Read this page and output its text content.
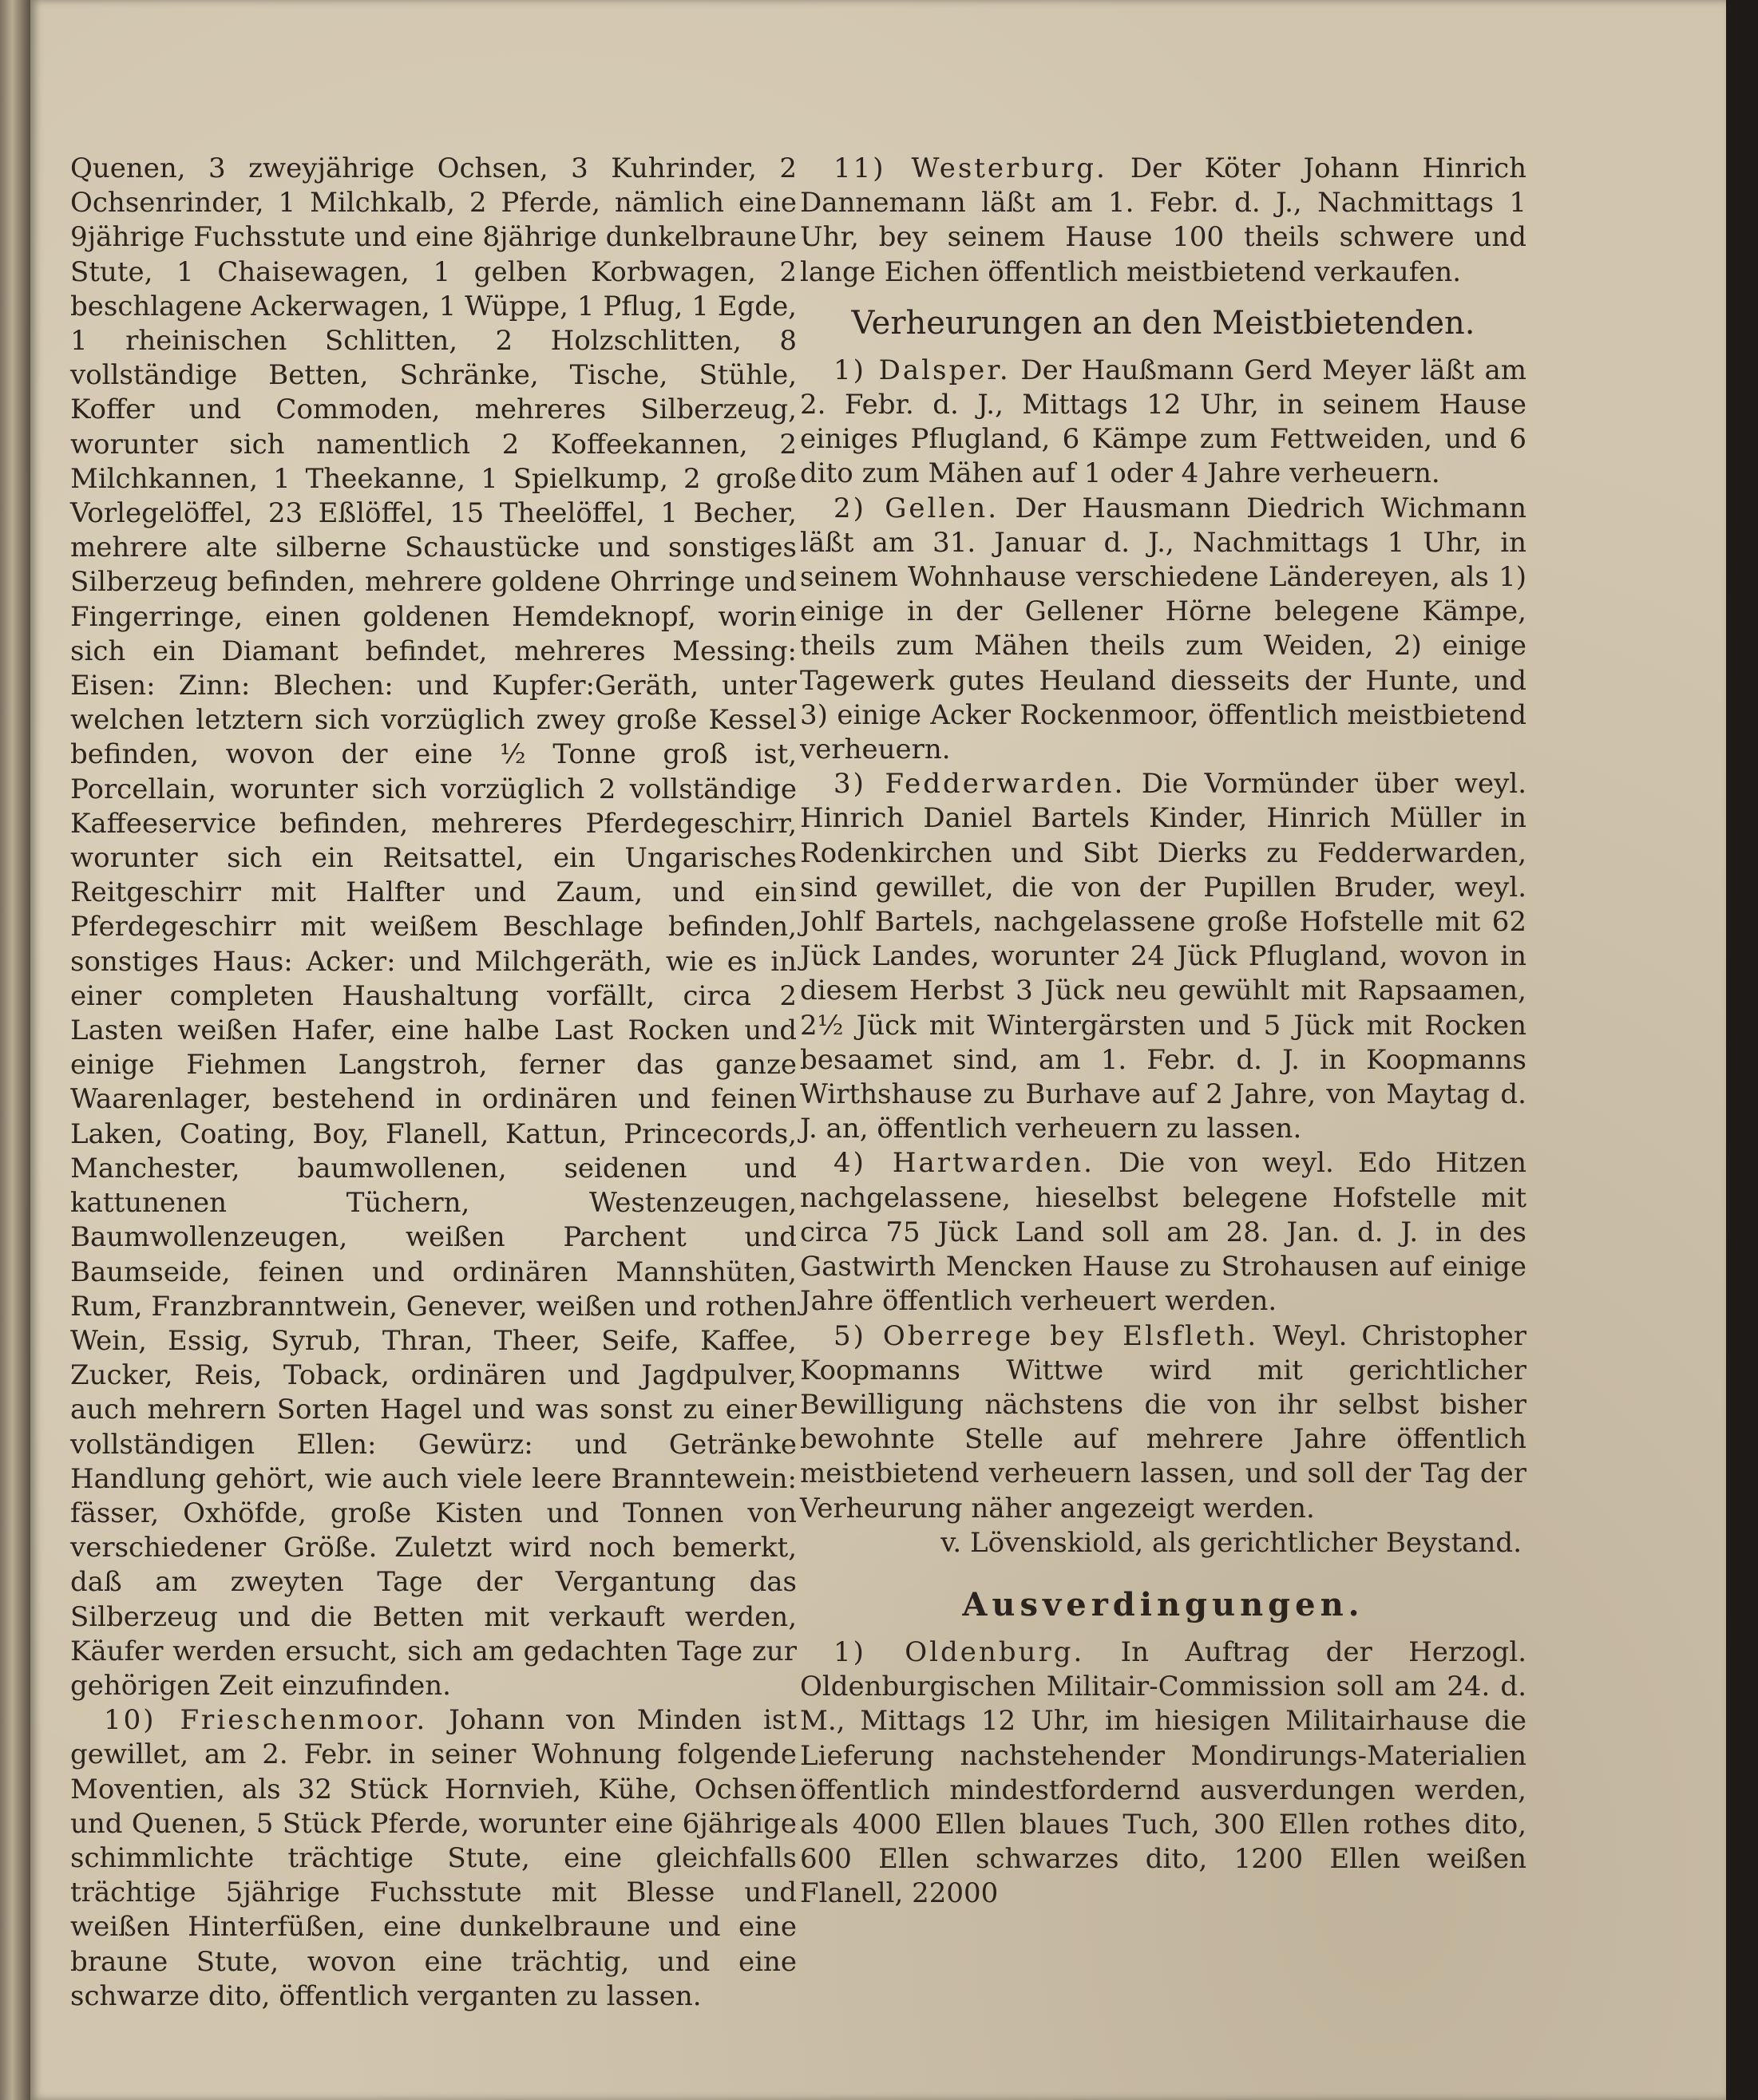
Quenen, 3 zweyjährige Ochsen, 3 Kuhrinder, 2 Ochsenrinder, 1 Milchkalb, 2 Pferde, nämlich eine 9jährige Fuchsstute und eine 8jährige dunkelbraune Stute, 1 Chaisewagen, 1 gelben Korbwagen, 2 beschlagene Ackerwagen, 1 Wüppe, 1 Pflug, 1 Egde, 1 rheinischen Schlitten, 2 Holzschlitten, 8 vollständige Betten, Schränke, Tische, Stühle, Koffer und Commoden, mehreres Silberzeug, worunter sich namentlich 2 Koffeekannen, 2 Milchkannen, 1 Theekanne, 1 Spielkump, 2 große Vorlegelöffel, 23 Eßlöffel, 15 Theelöffel, 1 Becher, mehrere alte silberne Schaustücke und sonstiges Silberzeug befinden, mehrere goldene Ohrringe und Fingerringe, einen goldenen Hemdeknopf, worin sich ein Diamant befindet, mehreres Messing: Eisen: Zinn: Blechen: und Kupfer:Geräth, unter welchen letztern sich vorzüglich zwey große Kessel befinden, wovon der eine ½ Tonne groß ist, Porcellain, worunter sich vorzüglich 2 vollständige Kaffeeservice befinden, mehreres Pferdegeschirr, worunter sich ein Reitsattel, ein Ungarisches Reitgeschirr mit Halfter und Zaum, und ein Pferdegeschirr mit weißem Beschlage befinden, sonstiges Haus: Acker: und Milchgeräth, wie es in einer completen Haushaltung vorfällt, circa 2 Lasten weißen Hafer, eine halbe Last Rocken und einige Fiehmen Langstroh, ferner das ganze Waarenlager, bestehend in ordinären und feinen Laken, Coating, Boy, Flanell, Kattun, Princecords, Manchester, baumwollenen, seidenen und kattunenen Tüchern, Westenzeugen, Baumwollenzeugen, weißen Parchent und Baumseide, feinen und ordinären Mannshüten, Rum, Franzbranntwein, Genever, weißen und rothen Wein, Essig, Syrub, Thran, Theer, Seife, Kaffee, Zucker, Reis, Toback, ordinären und Jagdpulver, auch mehrern Sorten Hagel und was sonst zu einer vollständigen Ellen: Gewürz: und Getränke Handlung gehört, wie auch viele leere Branntewein: fässer, Oxhöfde, große Kisten und Tonnen von verschiedener Größe. Zuletzt wird noch bemerkt, daß am zweyten Tage der Vergantung das Silberzeug und die Betten mit verkauft werden, Käufer werden ersucht, sich am gedachten Tage zur gehörigen Zeit einzufinden.

10) Frieschenmoor. Johann von Minden ist gewillet, am 2. Febr. in seiner Wohnung folgende Moventien, als 32 Stück Hornvieh, Kühe, Ochsen und Quenen, 5 Stück Pferde, worunter eine 6jährige schimmlichte trächtige Stute, eine gleichfalls trächtige 5jährige Fuchsstute mit Blesse und weißen Hinterfüßen, eine dunkelbraune und eine braune Stute, wovon eine trächtig, und eine schwarze dito, öffentlich verganten zu lassen.

11) Westerburg. Der Köter Johann Hinrich Dannemann läßt am 1. Febr. d. J., Nachmittags 1 Uhr, bey seinem Hause 100 theils schwere und lange Eichen öffentlich meistbietend verkaufen.

Verheurungen an den Meistbietenden.

1) Dalsper. Der Haußmann Gerd Meyer läßt am 2. Febr. d. J., Mittags 12 Uhr, in seinem Hause einiges Pflugland, 6 Kämpe zum Fettweiden, und 6 dito zum Mähen auf 1 oder 4 Jahre verheuern.

2) Gellen. Der Hausmann Diedrich Wichmann läßt am 31. Januar d. J., Nachmittags 1 Uhr, in seinem Wohnhause verschiedene Ländereyen, als 1) einige in der Gellener Hörne belegene Kämpe, theils zum Mähen theils zum Weiden, 2) einige Tagewerk gutes Heuland diesseits der Hunte, und 3) einige Acker Rockenmoor, öffentlich meistbietend verheuern.

3) Fedderwarden. Die Vormünder über weyl. Hinrich Daniel Bartels Kinder, Hinrich Müller in Rodenkirchen und Sibt Dierks zu Fedderwarden, sind gewillet, die von der Pupillen Bruder, weyl. Johlf Bartels, nachgelassene große Hofstelle mit 62 Jück Landes, worunter 24 Jück Pflugland, wovon in diesem Herbst 3 Jück neu gewühlt mit Rapsaamen, 2½ Jück mit Wintergärsten und 5 Jück mit Rocken besaamet sind, am 1. Febr. d. J. in Koopmanns Wirthshause zu Burhave auf 2 Jahre, von Maytag d. J. an, öffentlich verheuern zu lassen.

4) Hartwarden. Die von weyl. Edo Hitzen nachgelassene, hieselbst belegene Hofstelle mit circa 75 Jück Land soll am 28. Jan. d. J. in des Gastwirth Mencken Hause zu Strohausen auf einige Jahre öffentlich verheuert werden.

5) Oberrege bey Elsfleth. Weyl. Christopher Koopmanns Wittwe wird mit gerichtlicher Bewilligung nächstens die von ihr selbst bisher bewohnte Stelle auf mehrere Jahre öffentlich meistbietend verheuern lassen, und soll der Tag der Verheurung näher angezeigt werden.

v. Lövenskiold, als gerichtlicher Beystand.

Ausverdingungen.

1) Oldenburg. In Auftrag der Herzogl. Oldenburgischen Militair-Commission soll am 24. d. M., Mittags 12 Uhr, im hiesigen Militairhause die Lieferung nachstehender Mondirungs-Materialien öffentlich mindestfordernd ausverdungen werden, als 4000 Ellen blaues Tuch, 300 Ellen rothes dito, 600 Ellen schwarzes dito, 1200 Ellen weißen Flanell, 22000
